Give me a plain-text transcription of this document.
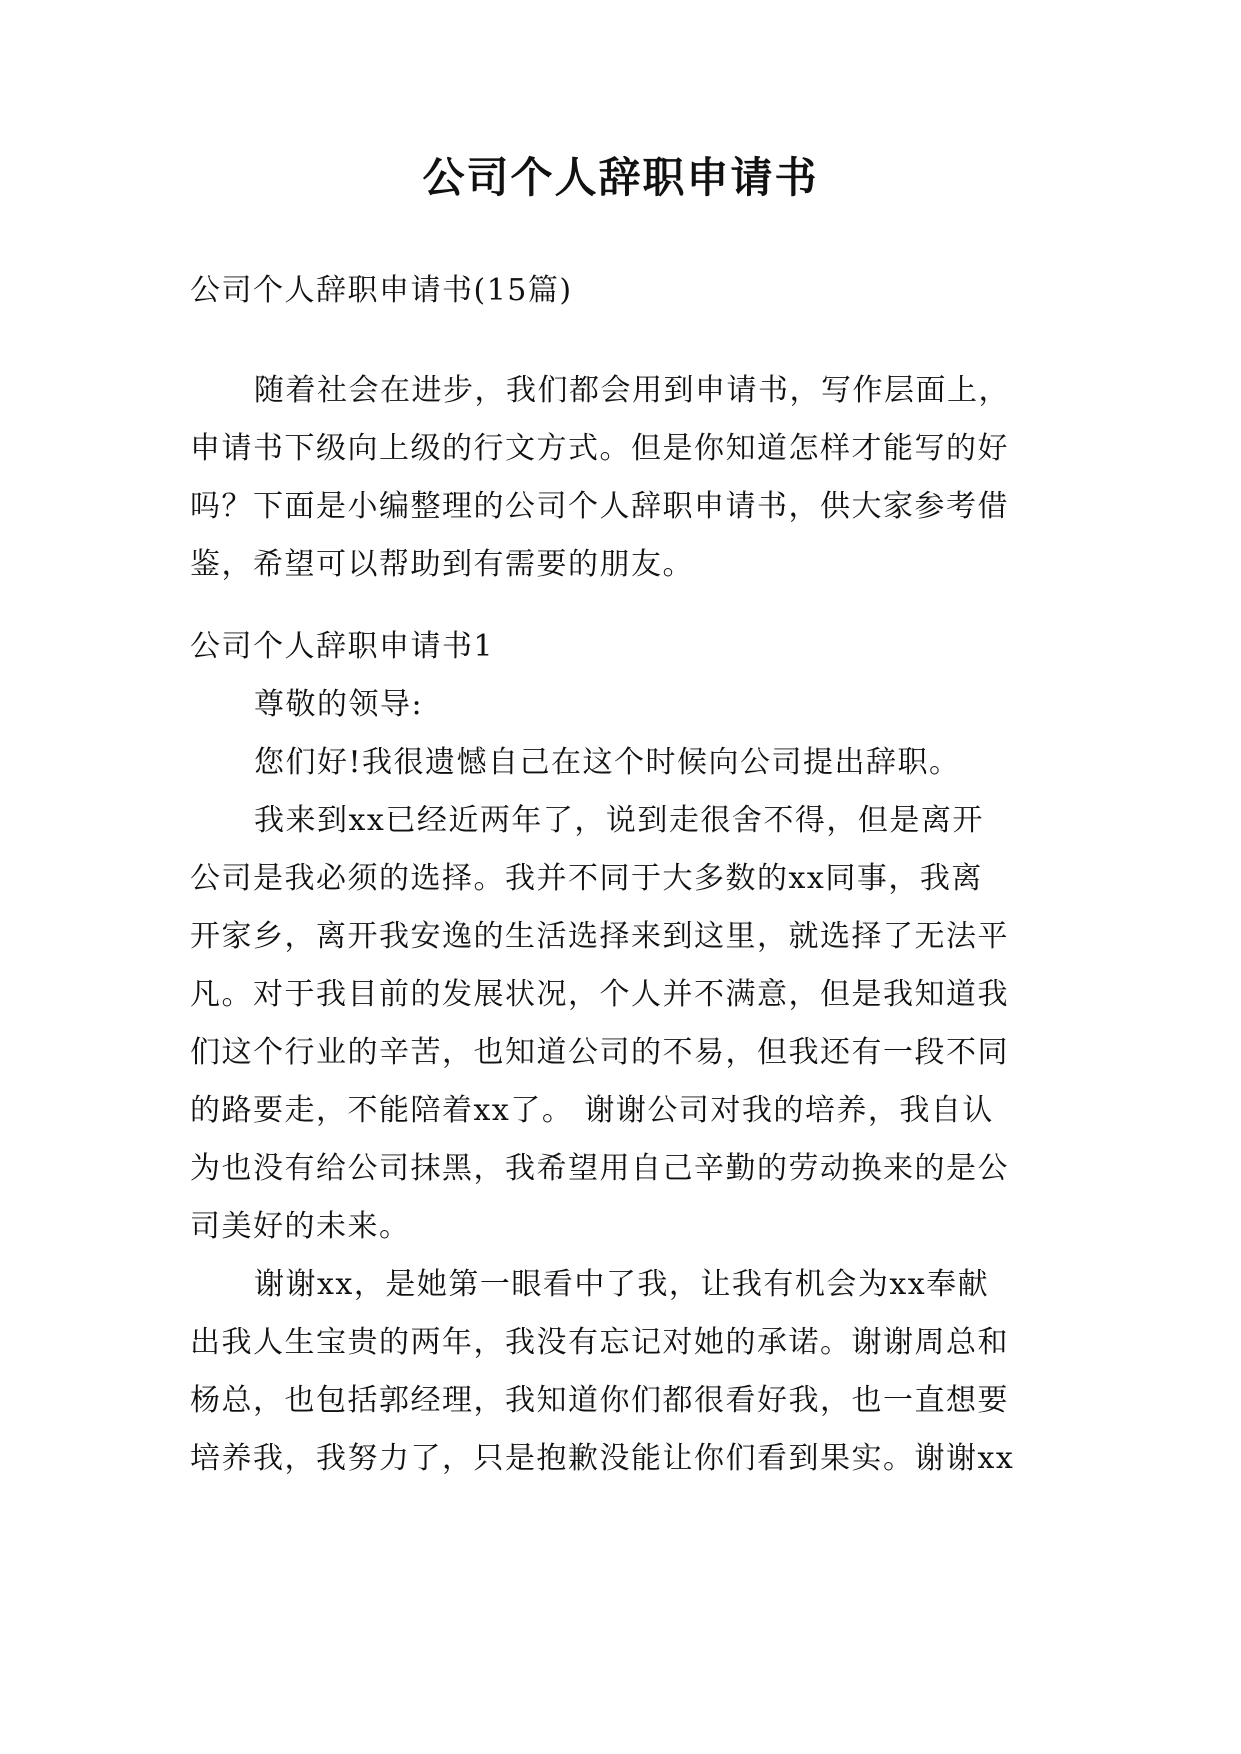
公司个人辞职申请书
公司个人辞职申请书(15篇)
随着社会在进步，我们都会用到申请书，写作层面上，
申请书下级向上级的行文方式。但是你知道怎样才能写的好
吗？下面是小编整理的公司个人辞职申请书，供大家参考借
鉴，希望可以帮助到有需要的朋友。
公司个人辞职申请书1
尊敬的领导:
您们好!我很遗憾自己在这个时候向公司提出辞职。
我来到xx已经近两年了，说到走很舍不得，但是离开
公司是我必须的选择。我并不同于大多数的xx同事，我离
开家乡，离开我安逸的生活选择来到这里，就选择了无法平
凡。对于我目前的发展状况，个人并不满意，但是我知道我
们这个行业的辛苦，也知道公司的不易，但我还有一段不同
的路要走，不能陪着xx了。 谢谢公司对我的培养，我自认
为也没有给公司抹黑，我希望用自己辛勤的劳动换来的是公
司美好的未来。
谢谢xx，是她第一眼看中了我，让我有机会为xx奉献
出我人生宝贵的两年，我没有忘记对她的承诺。谢谢周总和
杨总，也包括郭经理，我知道你们都很看好我，也一直想要
培养我，我努力了，只是抱歉没能让你们看到果实。谢谢xx
